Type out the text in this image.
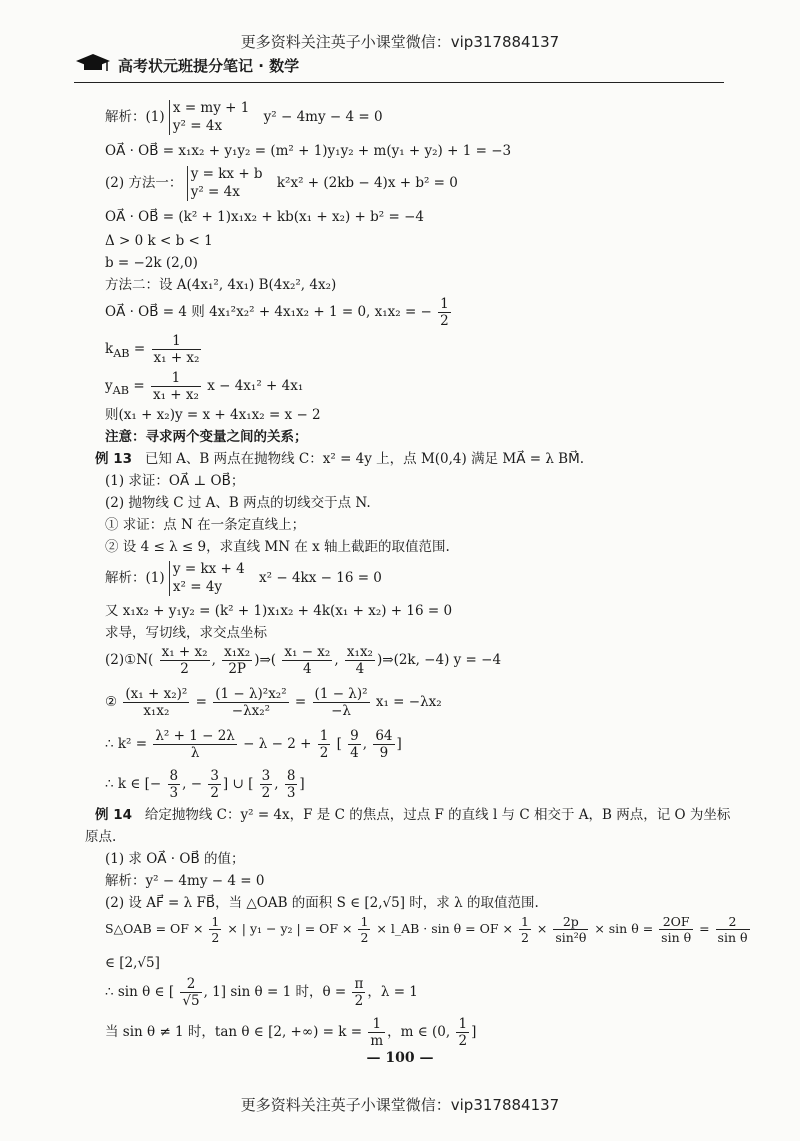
更多资料关注英子小课堂微信：vip317884137
高考状元班提分笔记 · 数学

解析：(1)
x = my + 1
y² = 4x
y² − 4my − 4 = 0

OA⃗ · OB⃗ = x₁x₂ + y₁y₂ = (m² + 1)y₁y₂ + m(y₁ + y₂) + 1 = −3

(2) 方法一：
y = kx + b
y² = 4x
k²x² + (2kb − 4)x + b² = 0

OA⃗ · OB⃗ = (k² + 1)x₁x₂ + kb(x₁ + x₂) + b² = −4

Δ > 0 k < b < 1

b = −2k (2,0)

方法二：设 A(4x₁², 4x₁) B(4x₂², 4x₂)

OA⃗ · OB⃗ = 4 则 4x₁²x₂² + 4x₁x₂ + 1 = 0, x₁x₂ = − $\frac{1}{2}$

$k_{AB} = \frac{1}{\text{x₁ + x₂}}$

$y_{AB} = \frac{1}{\text{x₁ + x₂}}$ x − 4x₁² + 4x₁

则(x₁ + x₂)y = x + 4x₁x₂ = x − 2

注意：寻求两个变量之间的关系；

例 13 已知 A、B 两点在抛物线 C：x² = 4y 上，点 M(0,4) 满足 MA⃗ = λ BM⃗.

(1) 求证：OA⃗ ⊥ OB⃗；

(2) 抛物线 C 过 A、B 两点的切线交于点 N.

① 求证：点 N 在一条定直线上；

② 设 4 ≤ λ ≤ 9，求直线 MN 在 x 轴上截距的取值范围.

解析：(1)
y = kx + 4
x² = 4y
x² − 4kx − 16 = 0

又 x₁x₂ + y₁y₂ = (k² + 1)x₁x₂ + 4k(x₁ + x₂) + 16 = 0

求导，写切线，求交点坐标

(2)①N( $\frac{\text{x₁ + x₂}}{2}$ , $\frac{\text{x₁x₂}}{2P}$ )⇒( $\frac{\text{x₁ − x₂}}{4}$ , $\frac{\text{x₁x₂}}{4}$ )⇒(2k, −4) y = −4

② $\frac{\text{(x₁ + x₂)²}}{\text{x₁x₂}} = \frac{\text{(1 − λ)²x₂²}}{\text{−λx₂²}} = \frac{\text{(1 − λ)²}}{-\lambda} x_1 = -\lambda x_2$

∴ $k^2 = \frac{\text{λ² + 1 − 2λ}}{\lambda} - \lambda - 2 + \frac{1}{2}$ [ $\frac{9}{4}$ , $\frac{64}{9}$ ]

∴ k ∈ [− $\frac{8}{3}$ , − $\frac{3}{2}$ ] ∪ [ $\frac{3}{2}$ , $\frac{8}{3}$ ]

例 14 给定抛物线 C：y² = 4x，F 是 C 的焦点，过点 F 的直线 l 与 C 相交于 A，B 两点，记 O 为坐标

原点.

(1) 求 OA⃗ · OB⃗ 的值；

解析：y² − 4my − 4 = 0

(2) 设 AF⃗ = λ FB⃗，当 △OAB 的面积 S ∈ [2,√5] 时，求 λ 的取值范围.

S△OAB = OF × $\frac{1}{2}$ × | y₁ − y₂ | = OF × $\frac{1}{2}$ × l_AB · sin θ = OF × $\frac{1}{2} \times \frac{2p}{\text{sin²θ}} \times \sin \theta = \frac{2OF}{\text{sin θ}} = \frac{2}{\text{sin θ}}$

∈ [2,√5]

∴ sin θ ∈ [ $\frac{2}{√5}$ , 1] sin θ = 1 时，$\theta = \frac{\pi}{2}$ ，λ = 1

当 sin θ ≠ 1 时，tan θ ∈ [2, +∞) = $k = \frac{1}{m}$ ，m ∈ (0, $\frac{1}{2}$ ]

— 100 —
更多资料关注英子小课堂微信：vip317884137
